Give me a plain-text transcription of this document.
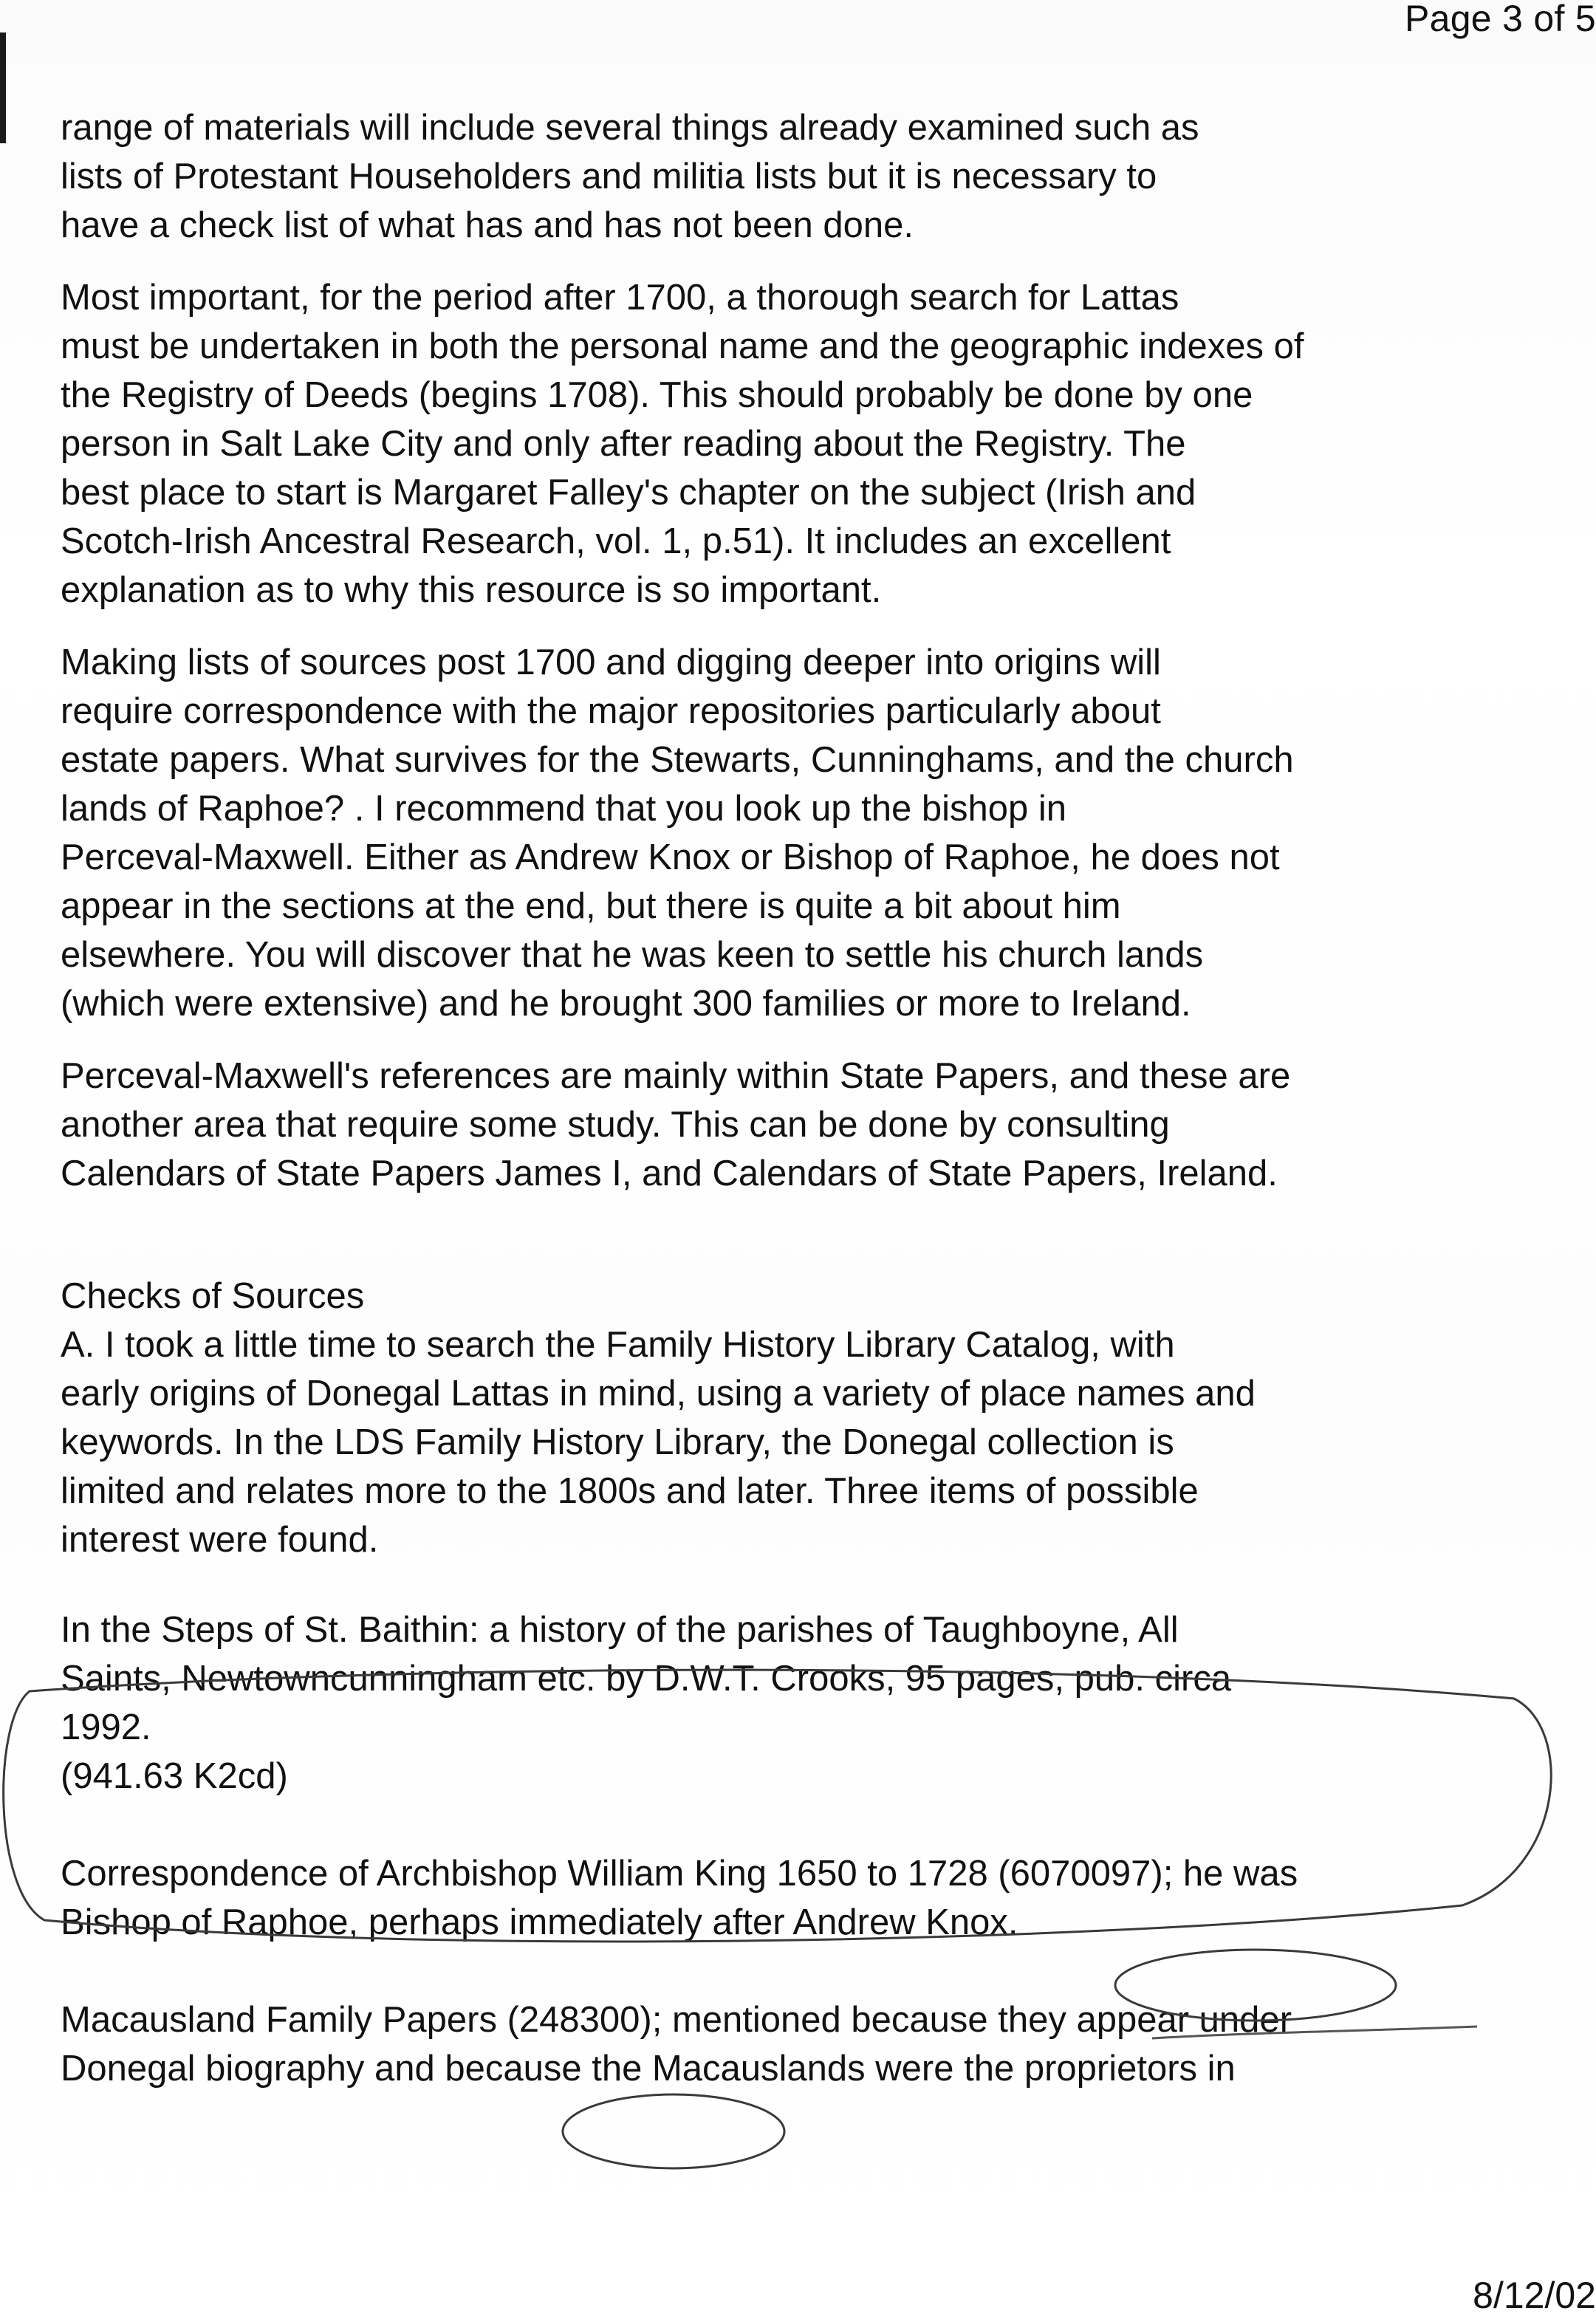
Page 3 of 5
range of materials will include several things already examined such as
lists of Protestant Householders and militia lists but it is necessary to
have a check list of what has and has not been done.
Most important, for the period after 1700, a thorough search for Lattas
must be undertaken in both the personal name and the geographic indexes of
the Registry of Deeds (begins 1708). This should probably be done by one
person in Salt Lake City and only after reading about the Registry. The
best place to start is Margaret Falley's chapter on the subject (Irish and
Scotch-Irish Ancestral Research, vol. 1, p.51). It includes an excellent
explanation as to why this resource is so important.
Making lists of sources post 1700 and digging deeper into origins will
require correspondence with the major repositories particularly about
estate papers. What survives for the Stewarts, Cunninghams, and the church
lands of Raphoe? . I recommend that you look up the bishop in
Perceval-Maxwell. Either as Andrew Knox or Bishop of Raphoe, he does not
appear in the sections at the end, but there is quite a bit about him
elsewhere. You will discover that he was keen to settle his church lands
(which were extensive) and he brought 300 families or more to Ireland.
Perceval-Maxwell's references are mainly within State Papers, and these are
another area that require some study. This can be done by consulting
Calendars of State Papers James I, and Calendars of State Papers, Ireland.
Checks of Sources
A. I took a little time to search the Family History Library Catalog, with
early origins of Donegal Lattas in mind, using a variety of place names and
keywords. In the LDS Family History Library, the Donegal collection is
limited and relates more to the 1800s and later. Three items of possible
interest were found.
In the Steps of St. Baithin: a history of the parishes of Taughboyne, All
Saints, Newtowncunningham etc. by D.W.T. Crooks, 95 pages, pub. circa
1992.
(941.63 K2cd)
Correspondence of Archbishop William King 1650 to 1728 (6070097); he was
Bishop of Raphoe, perhaps immediately after Andrew Knox.
Macausland Family Papers (248300); mentioned because they appear under
Donegal biography and because the Macauslands were the proprietors in
8/12/02
